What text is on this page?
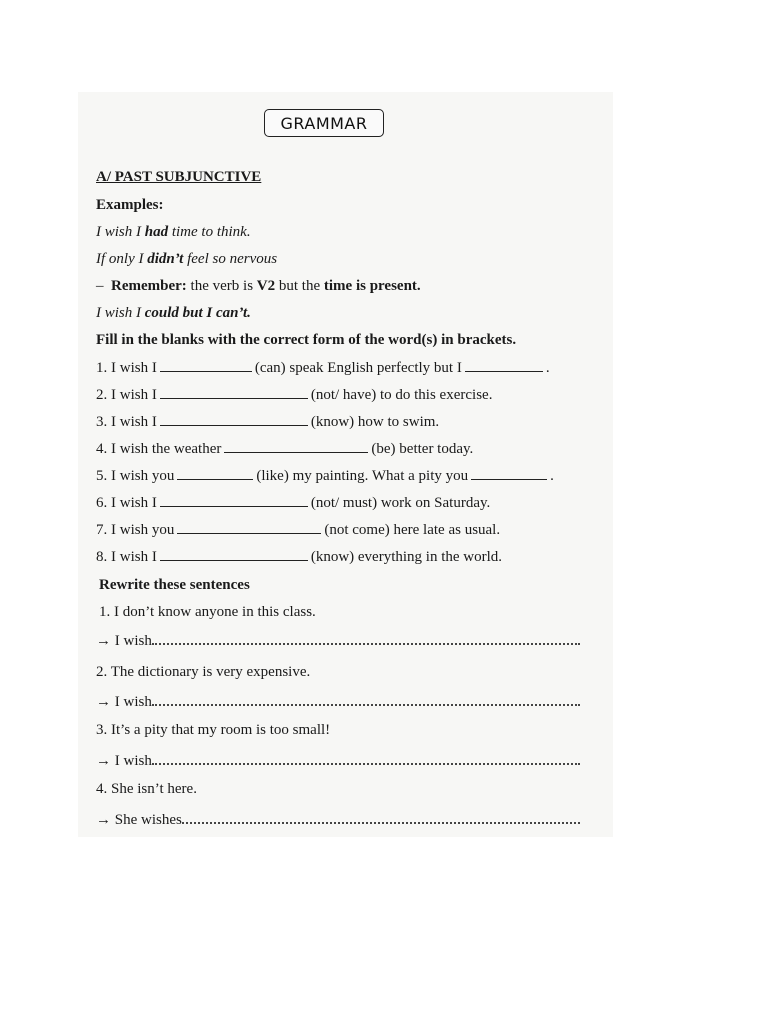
GRAMMAR
A/ PAST SUBJUNCTIVE
Examples:
I wish I had time to think.
If only I didn’t feel so nervous
– Remember: the verb is V2 but the time is present.
I wish I could but I can’t.
Fill in the blanks with the correct form of the word(s) in brackets.
1. I wish I	(can) speak English perfectly but I	.
2. I wish I	(not/ have) to do this exercise.
3. I wish I	(know) how to swim.
4. I wish the weather	(be) better today.
5. I wish you	(like) my painting. What a pity you	.
6. I wish I	(not/ must) work on Saturday.
7. I wish you	(not come) here late as usual.
8. I wish I	(know) everything in the world.
Rewrite these sentences
1. I don’t know anyone in this class.
→ I wish
2. The dictionary is very expensive.
→ I wish
3. It’s a pity that my room is too small!
→ I wish
4. She isn’t here.
→ She wishes
